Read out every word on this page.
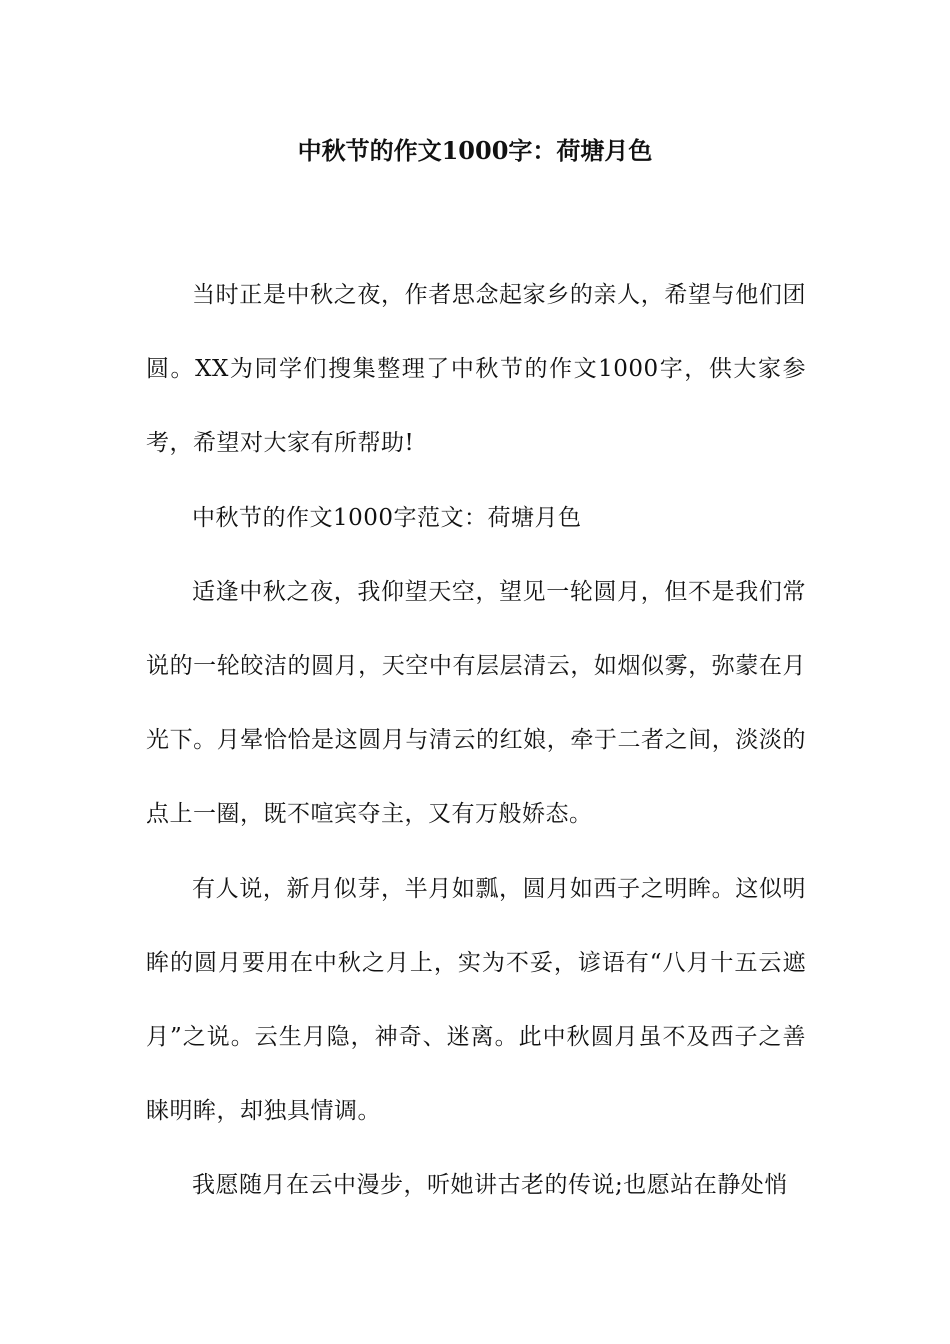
中秋节的作文1000字：荷塘月色

当时正是中秋之夜，作者思念起家乡的亲人，希望与他们团圆。XX为同学们搜集整理了中秋节的作文1000字，供大家参考，希望对大家有所帮助!

中秋节的作文1000字范文：荷塘月色

适逢中秋之夜，我仰望天空，望见一轮圆月，但不是我们常说的一轮皎洁的圆月，天空中有层层清云，如烟似雾，弥蒙在月光下。月晕恰恰是这圆月与清云的红娘，牵于二者之间，淡淡的点上一圈，既不喧宾夺主，又有万般娇态。

有人说，新月似芽，半月如瓢，圆月如西子之明眸。这似明眸的圆月要用在中秋之月上，实为不妥，谚语有“八月十五云遮月”之说。云生月隐，神奇、迷离。此中秋圆月虽不及西子之善睐明眸，却独具情调。

我愿随月在云中漫步，听她讲古老的传说;也愿站在静处悄
